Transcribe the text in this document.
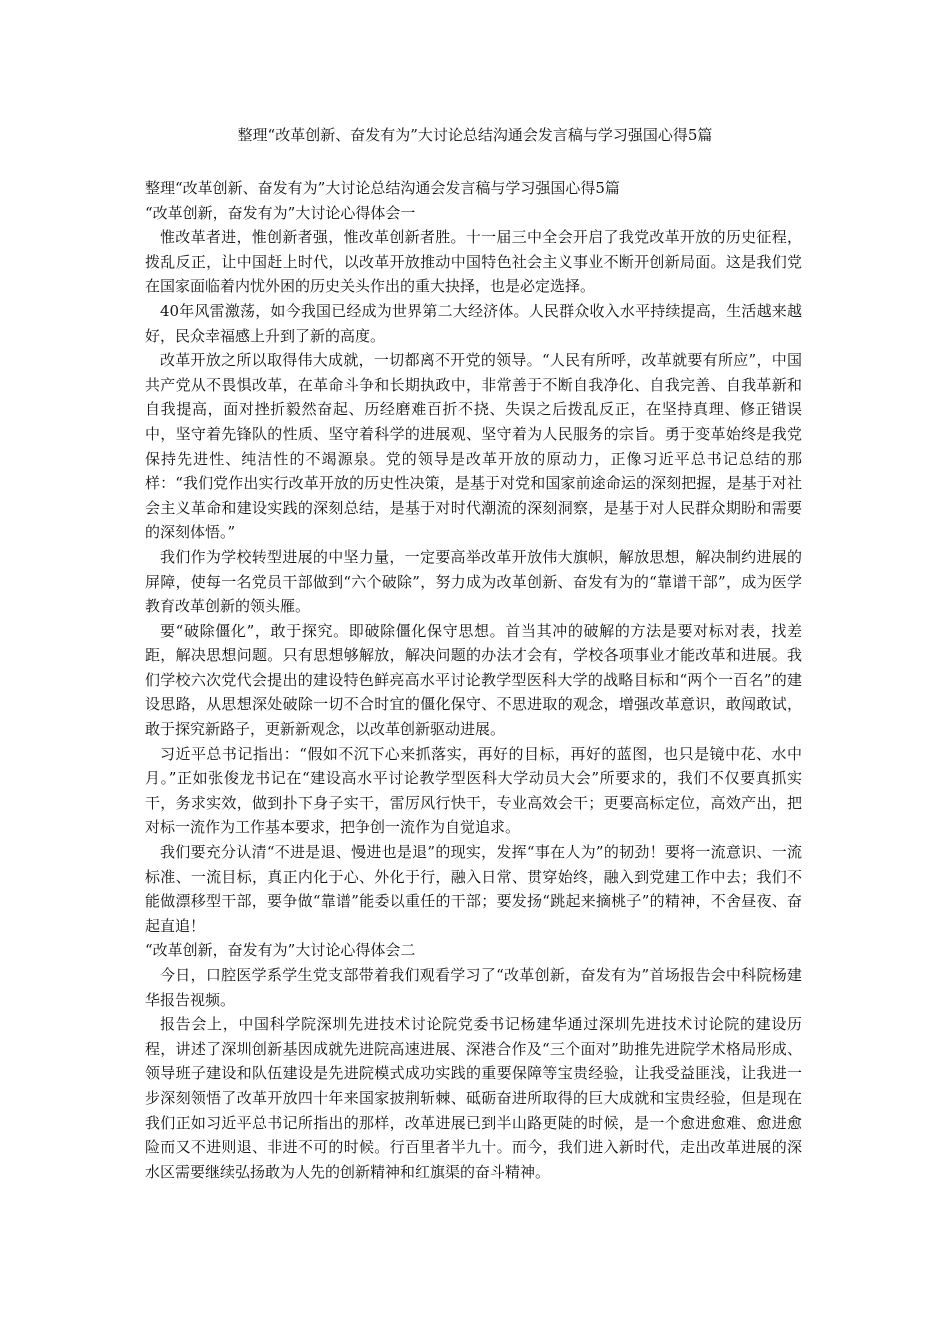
整理“改革创新、奋发有为”大讨论总结沟通会发言稿与学习强国心得5篇

整理“改革创新、奋发有为”大讨论总结沟通会发言稿与学习强国心得5篇

“改革创新，奋发有为”大讨论心得体会一

惟改革者进，惟创新者强，惟改革创新者胜。十一届三中全会开启了我党改革开放的历史征程，拨乱反正，让中国赶上时代，以改革开放推动中国特色社会主义事业不断开创新局面。这是我们党在国家面临着内忧外困的历史关头作出的重大抉择，也是必定选择。

40年风雷激荡，如今我国已经成为世界第二大经济体。人民群众收入水平持续提高，生活越来越好，民众幸福感上升到了新的高度。

改革开放之所以取得伟大成就，一切都离不开党的领导。“人民有所呼，改革就要有所应”，中国共产党从不畏惧改革，在革命斗争和长期执政中，非常善于不断自我净化、自我完善、自我革新和自我提高，面对挫折毅然奋起、历经磨难百折不挠、失误之后拨乱反正，在坚持真理、修正错误中，坚守着先锋队的性质、坚守着科学的进展观、坚守着为人民服务的宗旨。勇于变革始终是我党保持先进性、纯洁性的不竭源泉。党的领导是改革开放的原动力，正像习近平总书记总结的那样：“我们党作出实行改革开放的历史性决策，是基于对党和国家前途命运的深刻把握，是基于对社会主义革命和建设实践的深刻总结，是基于对时代潮流的深刻洞察，是基于对人民群众期盼和需要的深刻体悟。”

我们作为学校转型进展的中坚力量，一定要高举改革开放伟大旗帜，解放思想，解决制约进展的屏障，使每一名党员干部做到“六个破除”，努力成为改革创新、奋发有为的“靠谱干部”，成为医学教育改革创新的领头雁。

要“破除僵化”，敢于探究。即破除僵化保守思想。首当其冲的破解的方法是要对标对表，找差距，解决思想问题。只有思想够解放，解决问题的办法才会有，学校各项事业才能改革和进展。我们学校六次党代会提出的建设特色鲜亮高水平讨论教学型医科大学的战略目标和“两个一百名”的建设思路，从思想深处破除一切不合时宜的僵化保守、不思进取的观念，增强改革意识，敢闯敢试，敢于探究新路子，更新新观念，以改革创新驱动进展。

习近平总书记指出：“假如不沉下心来抓落实，再好的目标，再好的蓝图，也只是镜中花、水中月。”正如张俊龙书记在“建设高水平讨论教学型医科大学动员大会”所要求的，我们不仅要真抓实干，务求实效，做到扑下身子实干，雷厉风行快干，专业高效会干；更要高标定位，高效产出，把对标一流作为工作基本要求，把争创一流作为自觉追求。

我们要充分认清“不进是退、慢进也是退”的现实，发挥“事在人为”的韧劲！要将一流意识、一流标准、一流目标，真正内化于心、外化于行，融入日常、贯穿始终，融入到党建工作中去；我们不能做漂移型干部，要争做“靠谱”能委以重任的干部；要发扬“跳起来摘桃子”的精神，不舍昼夜、奋起直追！

“改革创新，奋发有为”大讨论心得体会二

今日，口腔医学系学生党支部带着我们观看学习了“改革创新，奋发有为”首场报告会中科院杨建华报告视频。

报告会上，中国科学院深圳先进技术讨论院党委书记杨建华通过深圳先进技术讨论院的建设历程，讲述了深圳创新基因成就先进院高速进展、深港合作及“三个面对”助推先进院学术格局形成、领导班子建设和队伍建设是先进院模式成功实践的重要保障等宝贵经验，让我受益匪浅，让我进一步深刻领悟了改革开放四十年来国家披荆斩棘、砥砺奋进所取得的巨大成就和宝贵经验，但是现在我们正如习近平总书记所指出的那样，改革进展已到半山路更陡的时候，是一个愈进愈难、愈进愈险而又不进则退、非进不可的时候。行百里者半九十。而今，我们进入新时代，走出改革进展的深水区需要继续弘扬敢为人先的创新精神和红旗渠的奋斗精神。
